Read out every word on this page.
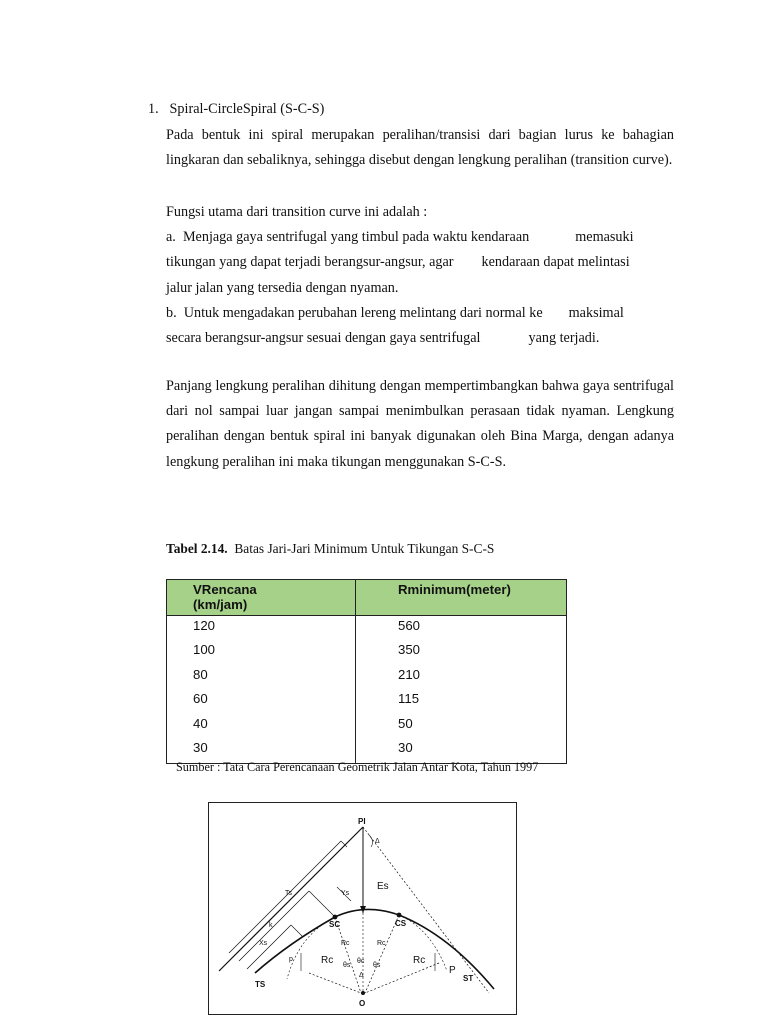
1. Spiral-CircleSpiral (S-C-S)
Pada bentuk ini spiral merupakan peralihan/transisi dari bagian lurus ke bahagian lingkaran dan sebaliknya, sehingga disebut dengan lengkung peralihan (transition curve).
Fungsi utama dari transition curve ini adalah :
a.  Menjaga gaya sentrifugal yang timbul pada waktu kendaraan	memasuki
tikungan yang dapat terjadi berangsur-angsur, agar kendaraan dapat melintasi
jalur jalan yang tersedia dengan nyaman.
b.  Untuk mengadakan perubahan lereng melintang dari normal ke maksimal
secara berangsur-angsur sesuai dengan gaya sentrifugal	yang terjadi.
Panjang lengkung peralihan dihitung dengan mempertimbangkan bahwa gaya sentrifugal dari nol sampai luar jangan sampai menimbulkan perasaan tidak nyaman. Lengkung peralihan dengan bentuk spiral ini banyak digunakan oleh Bina Marga, dengan adanya lengkung peralihan ini maka tikungan menggunakan S-C-S.
Tabel 2.14. Batas Jari-Jari Minimum Untuk Tikungan S-C-S
VRencana
(km/jam)	Rminimum(meter)
120	560
100	350
80	210
60	115
40	50
30	30
Sumber : Tata Cara Perencanaan Geometrik Jalan Antar Kota, Tahun 1997
PI
Δ
Es
SC	CS
TS
ST
O
Rc	Rc
Rc	Rc
P
p
Ys
Ts
k
Xs
θs	θs
θc
Δ
